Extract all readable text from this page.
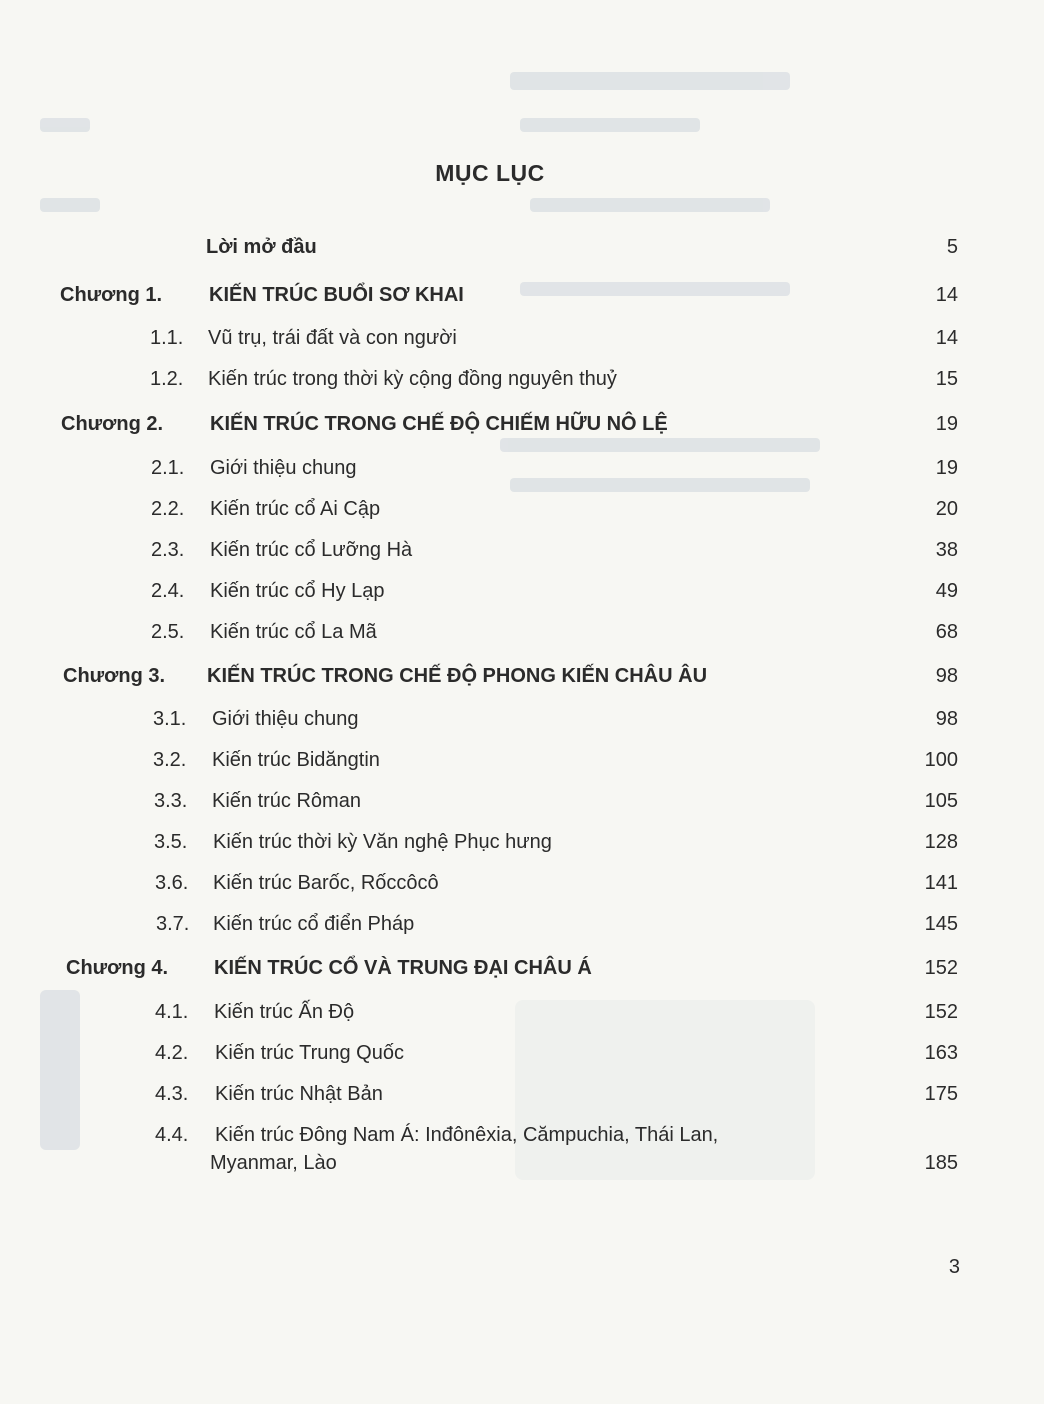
MỤC LỤC
Lời mở đầu	5
Chương 1. KIẾN TRÚC BUỔI SƠ KHAI	14
1.1. Vũ trụ, trái đất và con người	14
1.2. Kiến trúc trong thời kỳ cộng đồng nguyên thuỷ	15
Chương 2. KIẾN TRÚC TRONG CHẾ ĐỘ CHIẾM HỮU NÔ LỆ	19
2.1. Giới thiệu chung	19
2.2. Kiến trúc cổ Ai Cập	20
2.3. Kiến trúc cổ Lưỡng Hà	38
2.4. Kiến trúc cổ Hy Lạp	49
2.5. Kiến trúc cổ La Mã	68
Chương 3. KIẾN TRÚC TRONG CHẾ ĐỘ PHONG KIẾN CHÂU ÂU	98
3.1. Giới thiệu chung	98
3.2. Kiến trúc Bidăngtin	100
3.3. Kiến trúc Rôman	105
3.5. Kiến trúc thời kỳ Văn nghệ Phục hưng	128
3.6. Kiến trúc Barốc, Rốccôcô	141
3.7. Kiến trúc cổ điển Pháp	145
Chương 4. KIẾN TRÚC CỔ VÀ TRUNG ĐẠI CHÂU Á	152
4.1. Kiến trúc Ấn Độ	152
4.2. Kiến trúc Trung Quốc	163
4.3. Kiến trúc Nhật Bản	175
4.4. Kiến trúc Đông Nam Á: Inđônêxia, Cămpuchia, Thái Lan,
Myanmar, Lào	185
3
